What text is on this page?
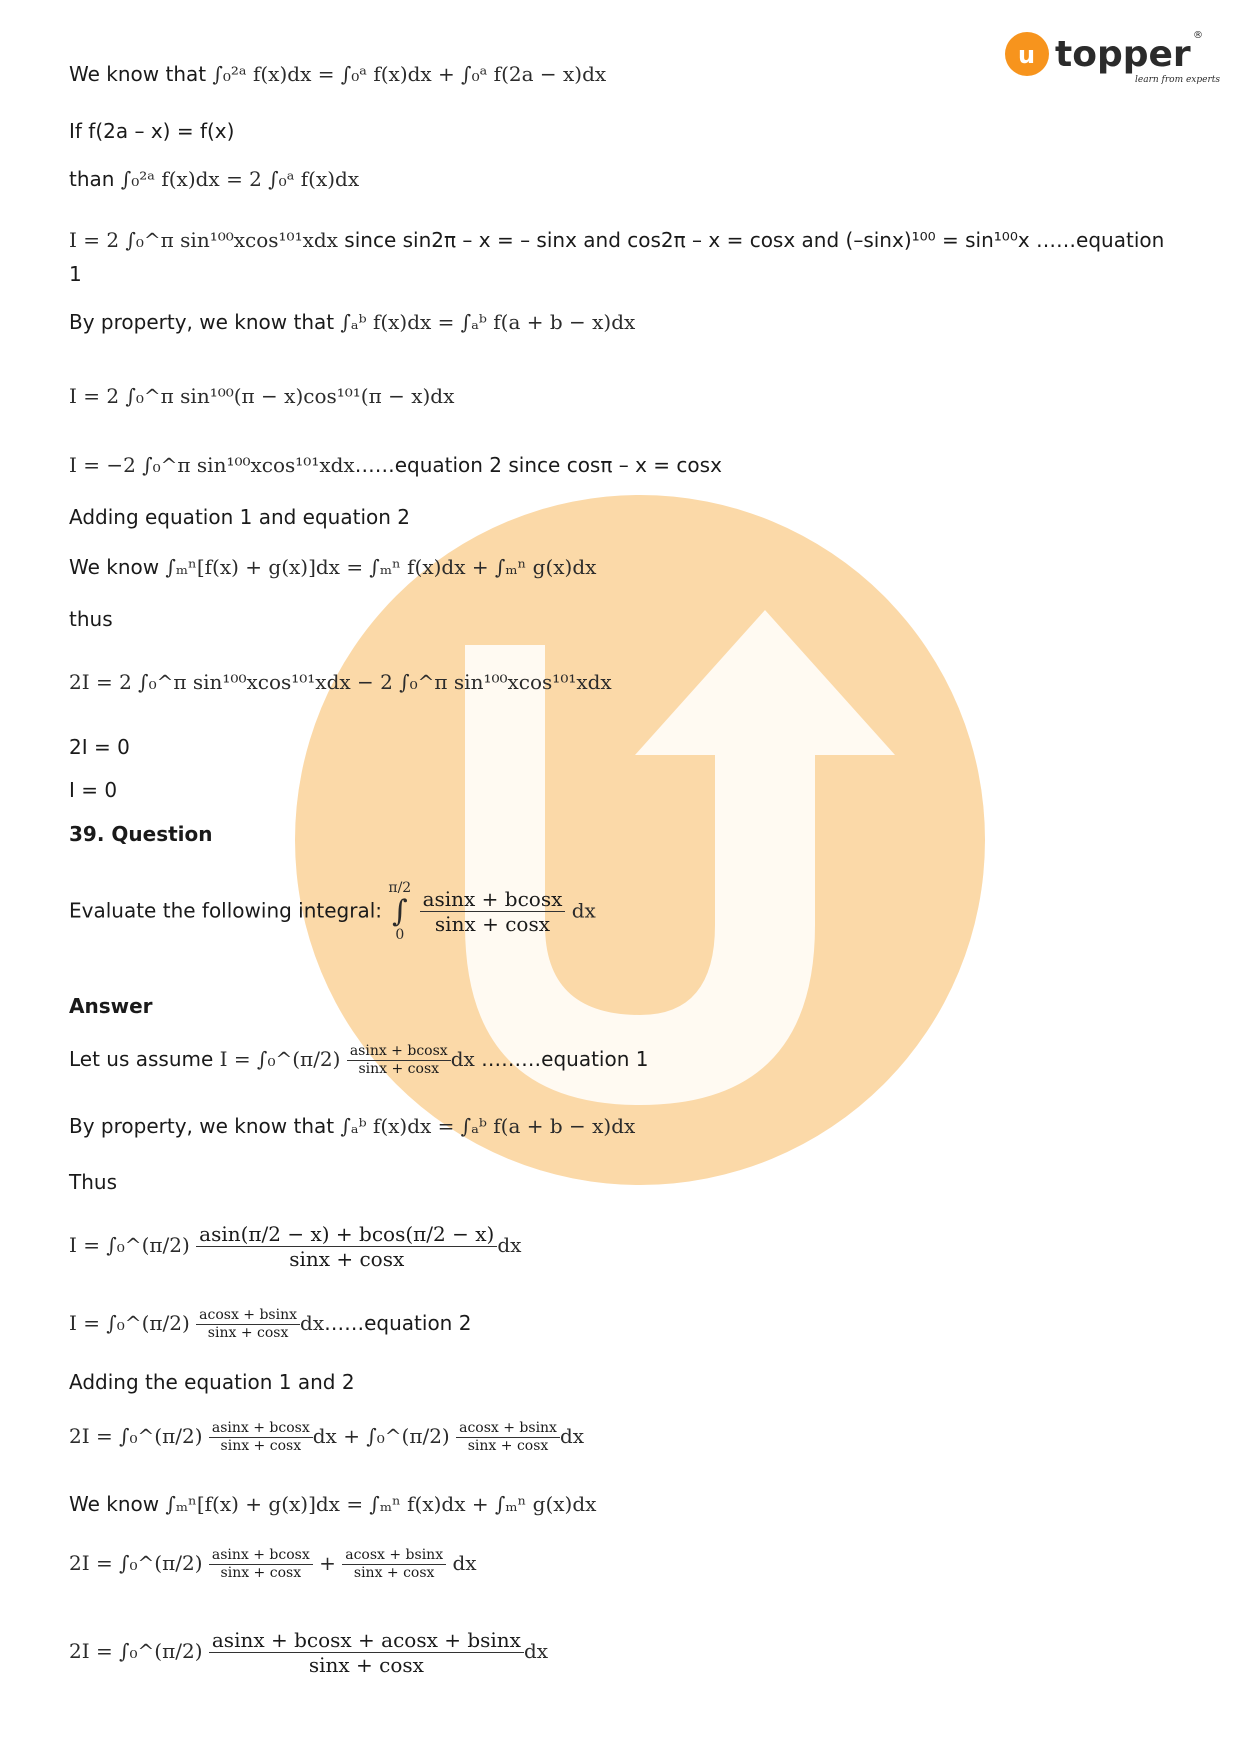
u topper ®
learn from experts
We know that ∫₀²ᵃ f(x)dx = ∫₀ᵃ f(x)dx + ∫₀ᵃ f(2a − x)dx
If f(2a – x) = f(x)
than ∫₀²ᵃ f(x)dx = 2 ∫₀ᵃ f(x)dx
I = 2 ∫₀^π sin¹⁰⁰xcos¹⁰¹xdx since sin2π – x = – sinx and cos2π – x = cosx and (–sinx)¹⁰⁰ = sin¹⁰⁰x ……equation
1
By property, we know that ∫ₐᵇ f(x)dx = ∫ₐᵇ f(a + b − x)dx
I = 2 ∫₀^π sin¹⁰⁰(π − x)cos¹⁰¹(π − x)dx
I = −2 ∫₀^π sin¹⁰⁰xcos¹⁰¹xdx……equation 2 since cosπ – x = cosx
Adding equation 1 and equation 2
We know ∫ₘⁿ[f(x) + g(x)]dx = ∫ₘⁿ f(x)dx + ∫ₘⁿ g(x)dx
thus
2I = 2 ∫₀^π sin¹⁰⁰xcos¹⁰¹xdx − 2 ∫₀^π sin¹⁰⁰xcos¹⁰¹xdx
2I = 0
I = 0
39. Question
Evaluate the following integral:
π/2
∫
0
$\frac{asinx + bcosx}{\sin x + \cos x}$ dx
Answer
Let us assume I = ∫₀^(π/2) $\frac{asinx + bcosx}{\sin x + \cos x}$ dx ………equation 1
By property, we know that ∫ₐᵇ f(x)dx = ∫ₐᵇ f(a + b − x)dx
Thus
I = ∫₀^(π/2) $\frac{asin(\pi/2 - x) + bcos(\pi/2 - x)}{\sin x + \cos x}$ dx
I = ∫₀^(π/2) $\frac{acosx + bsinx}{\sin x + \cos x}$ dx……equation 2
Adding the equation 1 and 2
2I = ∫₀^(π/2) $\frac{asinx + bcosx}{\sin x + \cos x}$ dx + ∫₀^(π/2) $\frac{acosx + bsinx}{\sin x + \cos x}$ dx
We know ∫ₘⁿ[f(x) + g(x)]dx = ∫ₘⁿ f(x)dx + ∫ₘⁿ g(x)dx
2I = ∫₀^(π/2) $\frac{asinx + bcosx}{\sin x + \cos x} + \frac{acosx + bsinx}{\sin x + \cos x}$ dx
2I = ∫₀^(π/2) $\frac{asinx + bcosx + acosx + bsinx}{\sin x + \cos x}$ dx
